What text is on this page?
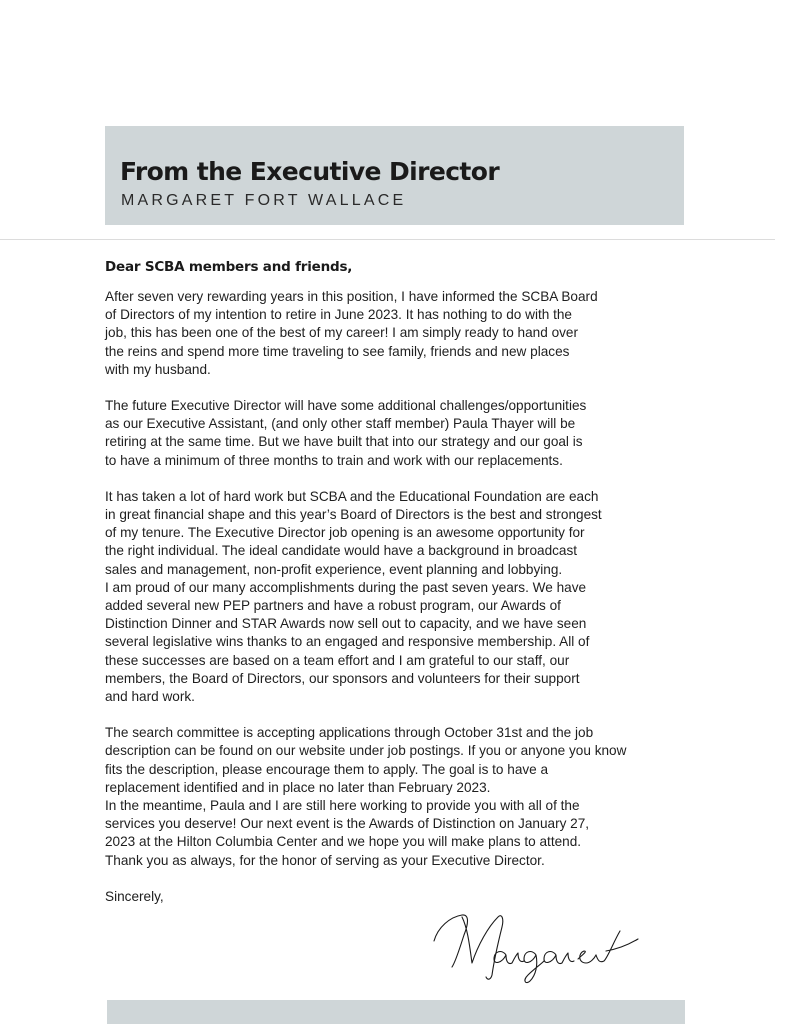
From the Executive Director
MARGARET FORT WALLACE

Dear SCBA members and friends,

After seven very rewarding years in this position, I have informed the SCBA Board
of Directors of my intention to retire in June 2023. It has nothing to do with the
job, this has been one of the best of my career! I am simply ready to hand over
the reins and spend more time traveling to see family, friends and new places
with my husband.

The future Executive Director will have some additional challenges/opportunities
as our Executive Assistant, (and only other staff member) Paula Thayer will be
retiring at the same time. But we have built that into our strategy and our goal is
to have a minimum of three months to train and work with our replacements.

It has taken a lot of hard work but SCBA and the Educational Foundation are each
in great financial shape and this year’s Board of Directors is the best and strongest
of my tenure. The Executive Director job opening is an awesome opportunity for
the right individual. The ideal candidate would have a background in broadcast
sales and management, non-profit experience, event planning and lobbying.
I am proud of our many accomplishments during the past seven years. We have
added several new PEP partners and have a robust program, our Awards of
Distinction Dinner and STAR Awards now sell out to capacity, and we have seen
several legislative wins thanks to an engaged and responsive membership. All of
these successes are based on a team effort and I am grateful to our staff, our
members, the Board of Directors, our sponsors and volunteers for their support
and hard work.

The search committee is accepting applications through October 31st and the job
description can be found on our website under job postings. If you or anyone you know
fits the description, please encourage them to apply. The goal is to have a
replacement identified and in place no later than February 2023.
In the meantime, Paula and I are still here working to provide you with all of the
services you deserve! Our next event is the Awards of Distinction on January 27,
2023 at the Hilton Columbia Center and we hope you will make plans to attend.
Thank you as always, for the honor of serving as your Executive Director.

Sincerely,
